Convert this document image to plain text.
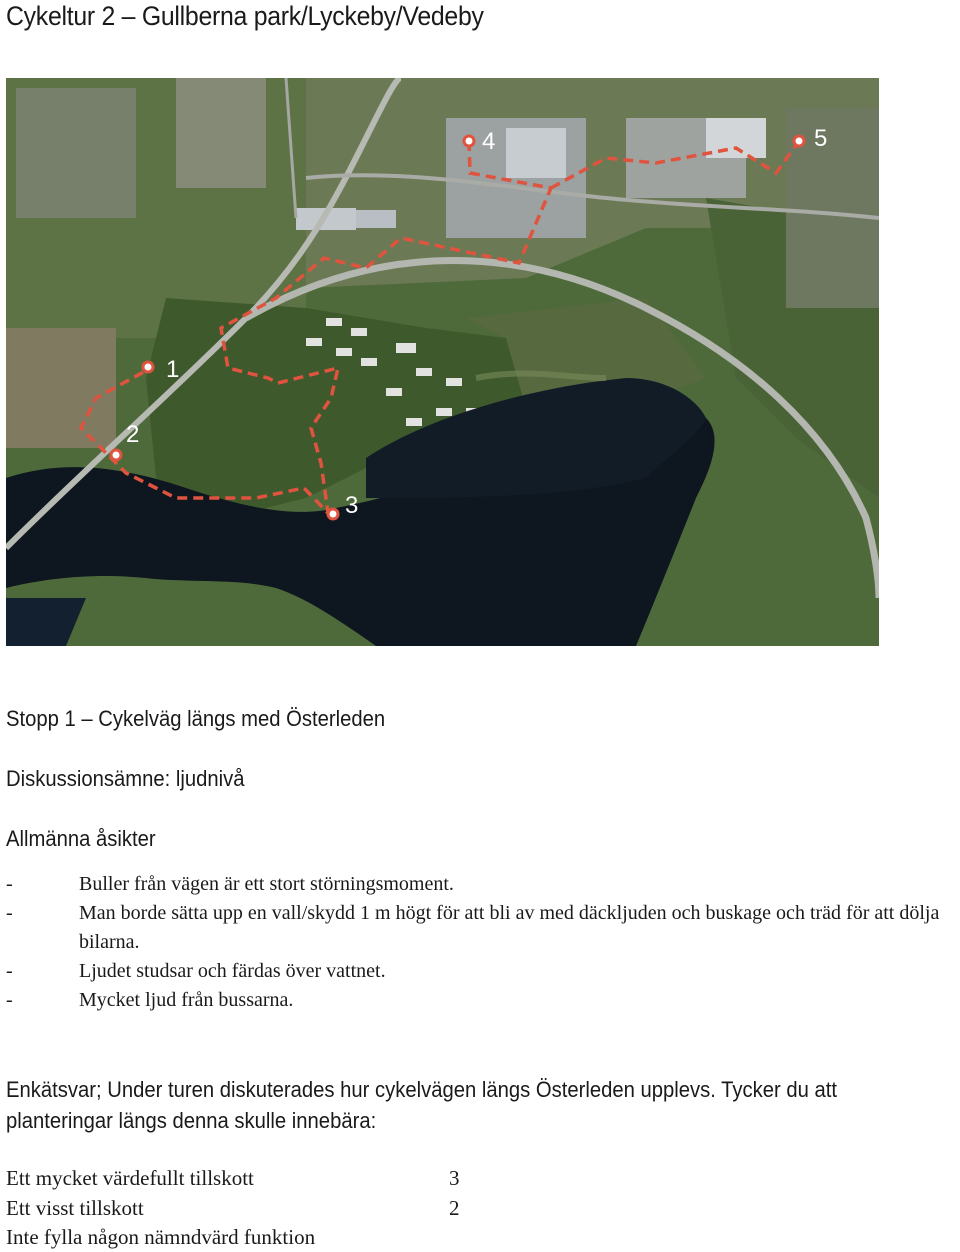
Cykeltur 2 – Gullberna park/Lyckeby/Vedeby
1
2
3
4	5
Stopp 1 – Cykelväg längs med Österleden
Diskussionsämne: ljudnivå
Allmänna åsikter
-	Buller från vägen är ett stort störningsmoment.
-	Man borde sätta upp en vall/skydd 1 m högt för att bli av med däckljuden och buskage och träd för att dölja bilarna.
-	Ljudet studsar och färdas över vattnet.
-	Mycket ljud från bussarna.
Enkätsvar; Under turen diskuterades hur cykelvägen längs Österleden upplevs. Tycker du att planteringar längs denna skulle innebära:
Ett mycket värdefullt tillskott	3
Ett visst tillskott	2
Inte fylla någon nämndvärd funktion
